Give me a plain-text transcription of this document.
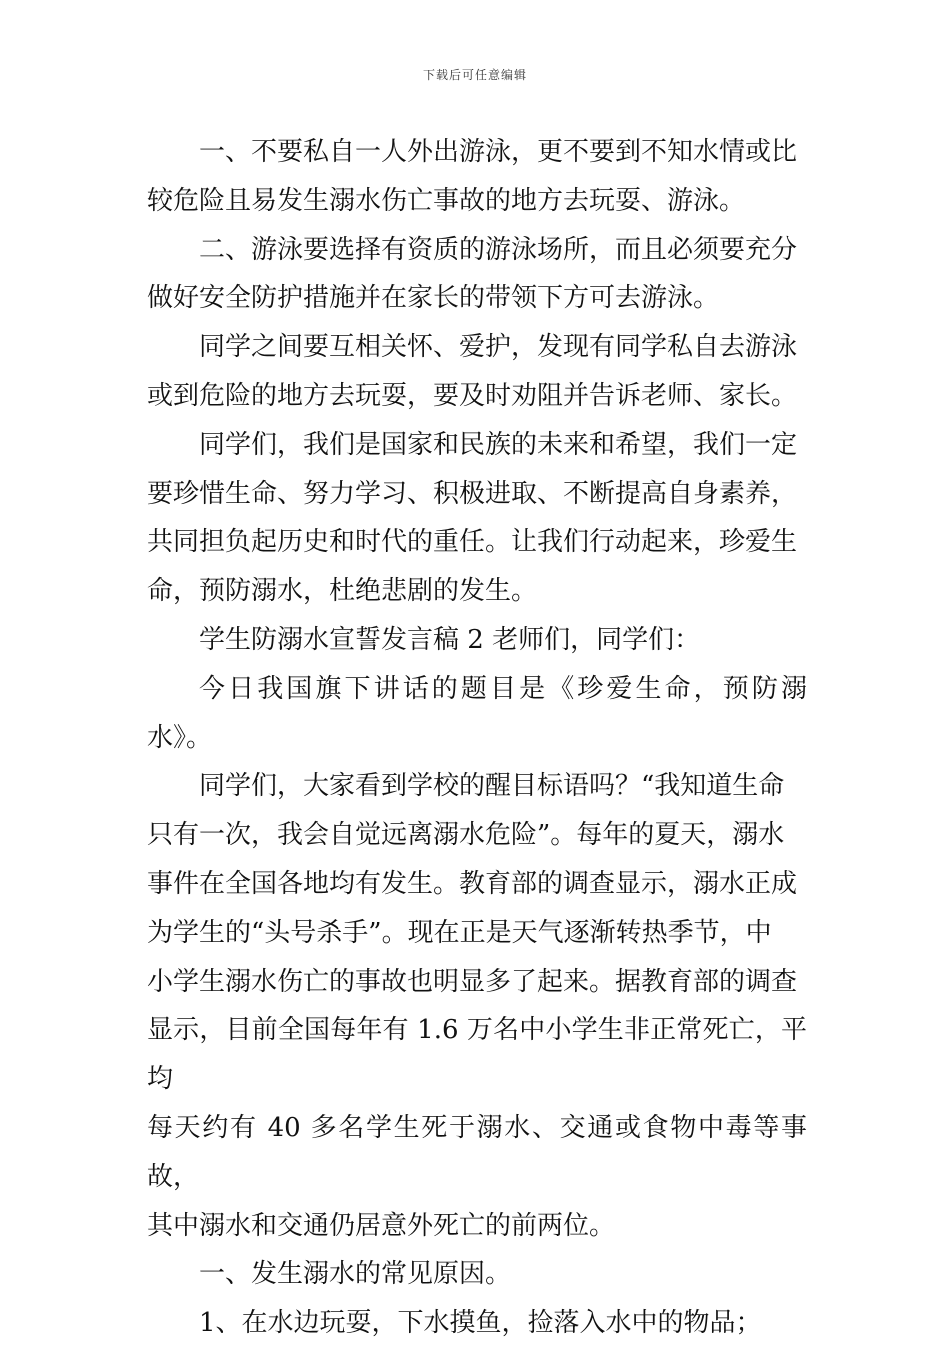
下载后可任意编辑

一、不要私自一人外出游泳，更不要到不知水情或比
较危险且易发生溺水伤亡事故的地方去玩耍、游泳。

二、游泳要选择有资质的游泳场所，而且必须要充分
做好安全防护措施并在家长的带领下方可去游泳。

同学之间要互相关怀、爱护，发现有同学私自去游泳
或到危险的地方去玩耍，要及时劝阻并告诉老师、家长。

同学们，我们是国家和民族的未来和希望，我们一定
要珍惜生命、努力学习、积极进取、不断提高自身素养，
共同担负起历史和时代的重任。让我们行动起来，珍爱生
命，预防溺水，杜绝悲剧的发生。

学生防溺水宣誓发言稿 2 老师们，同学们：

今日我国旗下讲话的题目是《珍爱生命，预防溺水》。

同学们，大家看到学校的醒目标语吗？“我知道生命
只有一次，我会自觉远离溺水危险”。每年的夏天，溺水
事件在全国各地均有发生。教育部的调查显示，溺水正成
为学生的“头号杀手”。现在正是天气逐渐转热季节，中
小学生溺水伤亡的事故也明显多了起来。据教育部的调查
显示，目前全国每年有 1.6 万名中小学生非正常死亡，平均
每天约有 40 多名学生死于溺水、交通或食物中毒等事故，
其中溺水和交通仍居意外死亡的前两位。

一、发生溺水的常见原因。

1、在水边玩耍，下水摸鱼，捡落入水中的物品；
